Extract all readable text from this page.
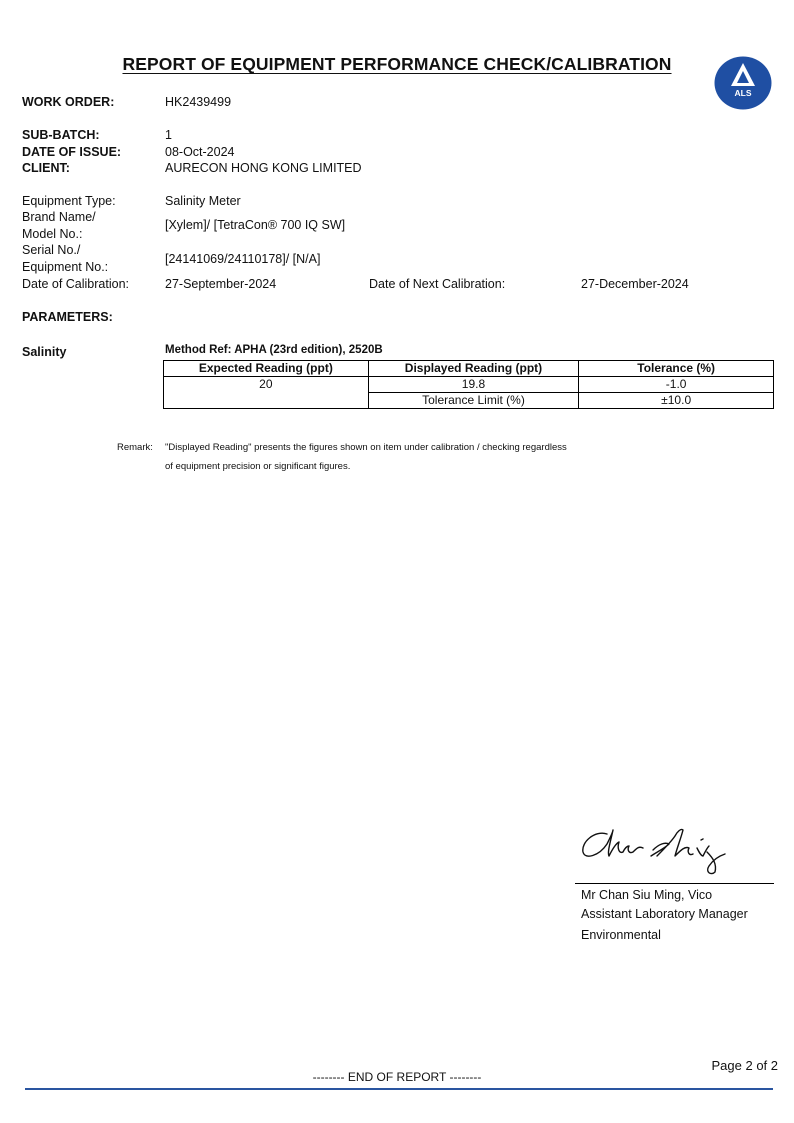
REPORT OF EQUIPMENT PERFORMANCE CHECK/CALIBRATION
ALS
WORK ORDER:	HK2439499
SUB-BATCH:	1
DATE OF ISSUE:	08-Oct-2024
CLIENT:	AURECON HONG KONG LIMITED
Equipment Type:	Salinity Meter
Brand Name/
Model No.:
[Xylem]/ [TetraCon® 700 IQ SW]
Serial No./
Equipment No.:
[24141069/24110178]/ [N/A]
Date of Calibration:	27-September-2024	Date of Next Calibration:	27-December-2024
PARAMETERS:
Salinity	Method Ref: APHA (23rd edition), 2520B
Expected Reading (ppt)	Displayed Reading (ppt)	Tolerance (%)
20	19.8	-1.0
	Tolerance Limit (%)	±10.0
Remark: "Displayed Reading" presents the figures shown on item under calibration / checking regardless
of equipment precision or significant figures.
Mr Chan Siu Ming, Vico
Assistant Laboratory Manager
Environmental
Page 2 of 2
-------- END OF REPORT --------
